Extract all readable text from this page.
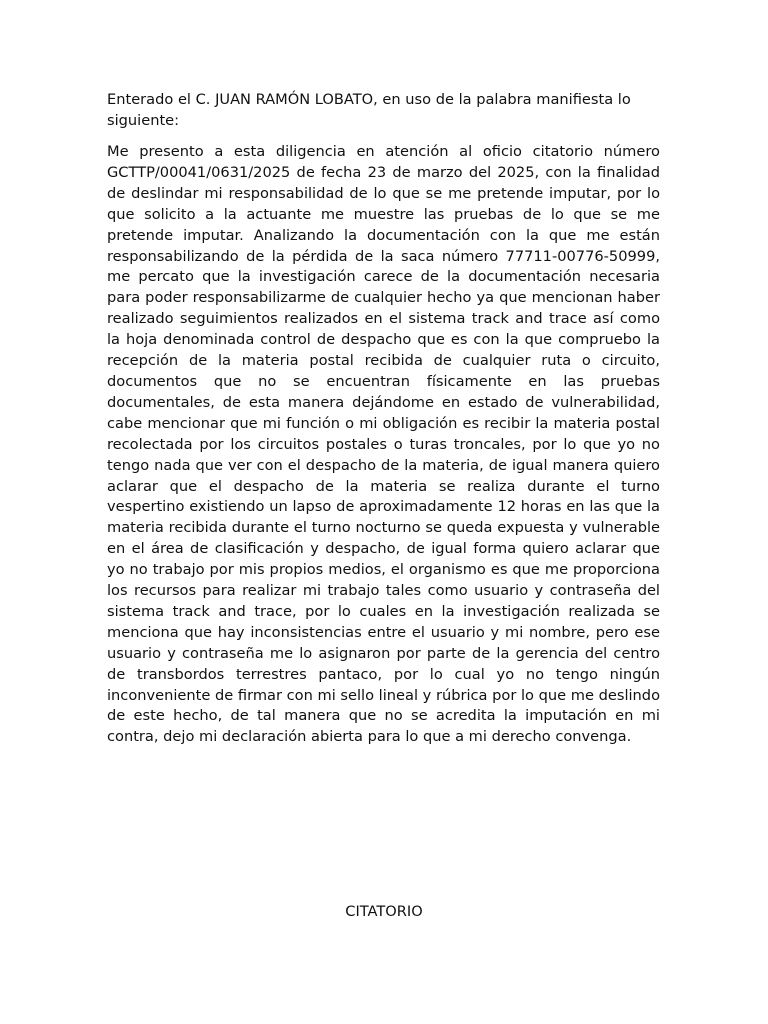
Enterado el C. JUAN RAMÓN LOBATO, en uso de la palabra manifiesta lo siguiente:

Me presento a esta diligencia en atención al oficio citatorio número GCTTP/00041/0631/2025 de fecha 23 de marzo del 2025, con la finalidad de deslindar mi responsabilidad de lo que se me pretende imputar, por lo que solicito a la actuante me muestre las pruebas de lo que se me pretende imputar. Analizando la documentación con la que me están responsabilizando de la pérdida de la saca número 77711-00776-50999, me percato que la investigación carece de la documentación necesaria para poder responsabilizarme de cualquier hecho ya que mencionan haber realizado seguimientos realizados en el sistema track and trace así como la hoja denominada control de despacho que es con la que compruebo la recepción de la materia postal recibida de cualquier ruta o circuito, documentos que no se encuentran físicamente en las pruebas documentales, de esta manera dejándome en estado de vulnerabilidad, cabe mencionar que mi función o mi obligación es recibir la materia postal recolectada por los circuitos postales o turas troncales, por lo que yo no tengo nada que ver con el despacho de la materia, de igual manera quiero aclarar que el despacho de la materia se realiza durante el turno vespertino existiendo un lapso de aproximadamente 12 horas en las que la materia recibida durante el turno nocturno se queda expuesta y vulnerable en el área de clasificación y despacho, de igual forma quiero aclarar que yo no trabajo por mis propios medios, el organismo es que me proporciona los recursos para realizar mi trabajo tales como usuario y contraseña del sistema track and trace, por lo cuales en la investigación realizada se menciona que hay inconsistencias entre el usuario y mi nombre, pero ese usuario y contraseña me lo asignaron por parte de la gerencia del centro de transbordos terrestres pantaco, por lo cual yo no tengo ningún inconveniente de firmar con mi sello lineal y rúbrica por lo que me deslindo de este hecho, de tal manera que no se acredita la imputación en mi contra, dejo mi declaración abierta para lo que a mi derecho convenga.

CITATORIO
